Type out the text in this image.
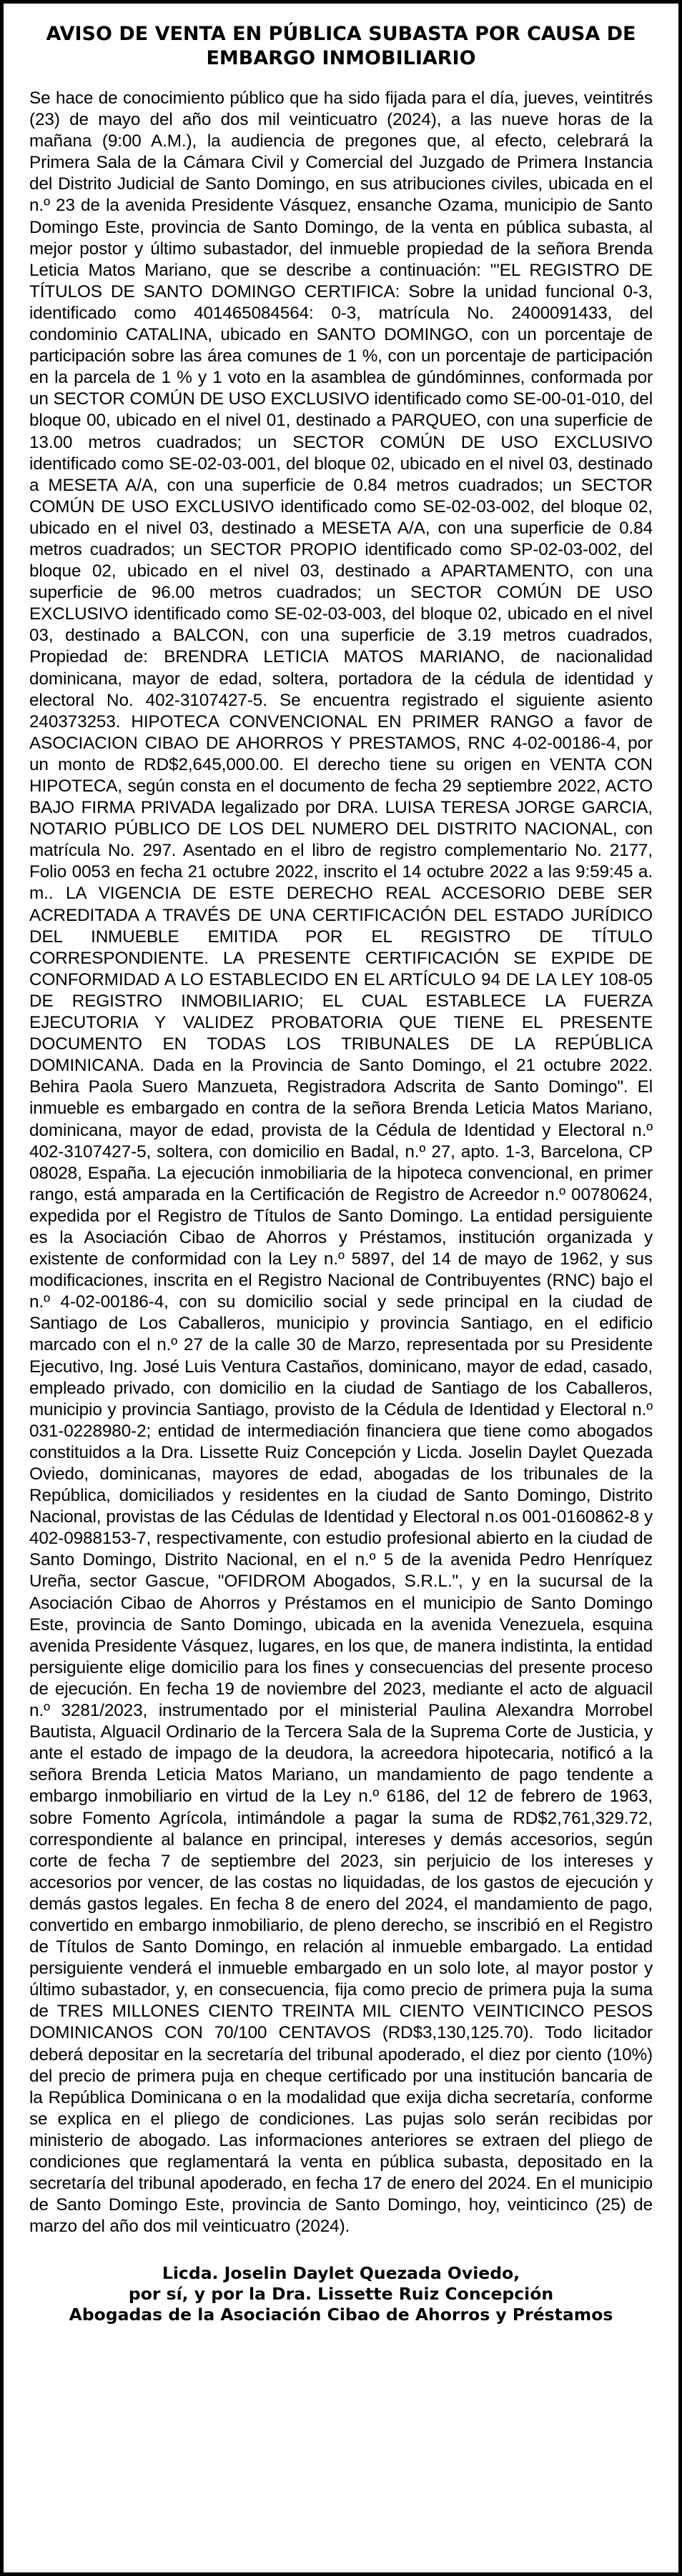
AVISO DE VENTA EN PÚBLICA SUBASTA POR CAUSA DE EMBARGO INMOBILIARIO

Se hace de conocimiento público que ha sido fijada para el día, jueves, veintitrés (23) de mayo del año dos mil veinticuatro (2024), a las nueve horas de la mañana (9:00 A.M.), la audiencia de pregones que, al efecto, celebrará la Primera Sala de la Cámara Civil y Comercial del Juzgado de Primera Instancia del Distrito Judicial de Santo Domingo, en sus atribuciones civiles, ubicada en el n.º 23 de la avenida Presidente Vásquez, ensanche Ozama, municipio de Santo Domingo Este, provincia de Santo Domingo, de la venta en pública subasta, al mejor postor y último subastador, del inmueble propiedad de la señora Brenda Leticia Matos Mariano, que se describe a continuación: "'EL REGISTRO DE TÍTULOS DE SANTO DOMINGO CERTIFICA: Sobre la unidad funcional 0-3, identificado como 401465084564: 0-3, matrícula No. 2400091433, del condominio CATALINA, ubicado en SANTO DOMINGO, con un porcentaje de participación sobre las área comunes de 1 %, con un porcentaje de participación en la parcela de 1 % y 1 voto en la asamblea de gúndóminnes, conformada por un SECTOR COMÚN DE USO EXCLUSIVO identificado como SE-00-01-010, del bloque 00, ubicado en el nivel 01, destinado a PARQUEO, con una superficie de 13.00 metros cuadrados; un SECTOR COMÚN DE USO EXCLUSIVO identificado como SE-02-03-001, del bloque 02, ubicado en el nivel 03, destinado a MESETA A/A, con una superficie de 0.84 metros cuadrados; un SECTOR COMÚN DE USO EXCLUSIVO identificado como SE-02-03-002, del bloque 02, ubicado en el nivel 03, destinado a MESETA A/A, con una superficie de 0.84 metros cuadrados; un SECTOR PROPIO identificado como SP-02-03-002, del bloque 02, ubicado en el nivel 03, destinado a APARTAMENTO, con una superficie de 96.00 metros cuadrados; un SECTOR COMÚN DE USO EXCLUSIVO identificado como SE-02-03-003, del bloque 02, ubicado en el nivel 03, destinado a BALCON, con una superficie de 3.19 metros cuadrados, Propiedad de: BRENDRA LETICIA MATOS MARIANO, de nacionalidad dominicana, mayor de edad, soltera, portadora de la cédula de identidad y electoral No. 402-3107427-5. Se encuentra registrado el siguiente asiento 240373253. HIPOTECA CONVENCIONAL EN PRIMER RANGO a favor de ASOCIACION CIBAO DE AHORROS Y PRESTAMOS, RNC 4-02-00186-4, por un monto de RD$2,645,000.00. El derecho tiene su origen en VENTA CON HIPOTECA, según consta en el documento de fecha 29 septiembre 2022, ACTO BAJO FIRMA PRIVADA legalizado por DRA. LUISA TERESA JORGE GARCIA, NOTARIO PÚBLICO DE LOS DEL NUMERO DEL DISTRITO NACIONAL, con matrícula No. 297. Asentado en el libro de registro complementario No. 2177, Folio 0053 en fecha 21 octubre 2022, inscrito el 14 octubre 2022 a las 9:59:45 a. m.. LA VIGENCIA DE ESTE DERECHO REAL ACCESORIO DEBE SER ACREDITADA A TRAVÉS DE UNA CERTIFICACIÓN DEL ESTADO JURÍDICO DEL INMUEBLE EMITIDA POR EL REGISTRO DE TÍTULO CORRESPONDIENTE. LA PRESENTE CERTIFICACIÓN SE EXPIDE DE CONFORMIDAD A LO ESTABLECIDO EN EL ARTÍCULO 94 DE LA LEY 108-05 DE REGISTRO INMOBILIARIO; EL CUAL ESTABLECE LA FUERZA EJECUTORIA Y VALIDEZ PROBATORIA QUE TIENE EL PRESENTE DOCUMENTO EN TODAS LOS TRIBUNALES DE LA REPÚBLICA DOMINICANA. Dada en la Provincia de Santo Domingo, el 21 octubre 2022. Behira Paola Suero Manzueta, Registradora Adscrita de Santo Domingo". El inmueble es embargado en contra de la señora Brenda Leticia Matos Mariano, dominicana, mayor de edad, provista de la Cédula de Identidad y Electoral n.º 402-3107427-5, soltera, con domicilio en Badal, n.º 27, apto. 1-3, Barcelona, CP 08028, España. La ejecución inmobiliaria de la hipoteca convencional, en primer rango, está amparada en la Certificación de Registro de Acreedor n.º 00780624, expedida por el Registro de Títulos de Santo Domingo. La entidad persiguiente es la Asociación Cibao de Ahorros y Préstamos, institución organizada y existente de conformidad con la Ley n.º 5897, del 14 de mayo de 1962, y sus modificaciones, inscrita en el Registro Nacional de Contribuyentes (RNC) bajo el n.º 4-02-00186-4, con su domicilio social y sede principal en la ciudad de Santiago de Los Caballeros, municipio y provincia Santiago, en el edificio marcado con el n.º 27 de la calle 30 de Marzo, representada por su Presidente Ejecutivo, Ing. José Luis Ventura Castaños, dominicano, mayor de edad, casado, empleado privado, con domicilio en la ciudad de Santiago de los Caballeros, municipio y provincia Santiago, provisto de la Cédula de Identidad y Electoral n.º 031-0228980-2; entidad de intermediación financiera que tiene como abogados constituidos a la Dra. Lissette Ruiz Concepción y Licda. Joselin Daylet Quezada Oviedo, dominicanas, mayores de edad, abogadas de los tribunales de la República, domiciliados y residentes en la ciudad de Santo Domingo, Distrito Nacional, provistas de las Cédulas de Identidad y Electoral n.os 001-0160862-8 y 402-0988153-7, respectivamente, con estudio profesional abierto en la ciudad de Santo Domingo, Distrito Nacional, en el n.º 5 de la avenida Pedro Henríquez Ureña, sector Gascue, "OFIDROM Abogados, S.R.L.", y en la sucursal de la Asociación Cibao de Ahorros y Préstamos en el municipio de Santo Domingo Este, provincia de Santo Domingo, ubicada en la avenida Venezuela, esquina avenida Presidente Vásquez, lugares, en los que, de manera indistinta, la entidad persiguiente elige domicilio para los fines y consecuencias del presente proceso de ejecución. En fecha 19 de noviembre del 2023, mediante el acto de alguacil n.º 3281/2023, instrumentado por el ministerial Paulina Alexandra Morrobel Bautista, Alguacil Ordinario de la Tercera Sala de la Suprema Corte de Justicia, y ante el estado de impago de la deudora, la acreedora hipotecaria, notificó a la señora Brenda Leticia Matos Mariano, un mandamiento de pago tendente a embargo inmobiliario en virtud de la Ley n.º 6186, del 12 de febrero de 1963, sobre Fomento Agrícola, intimándole a pagar la suma de RD$2,761,329.72, correspondiente al balance en principal, intereses y demás accesorios, según corte de fecha 7 de septiembre del 2023, sin perjuicio de los intereses y accesorios por vencer, de las costas no liquidadas, de los gastos de ejecución y demás gastos legales. En fecha 8 de enero del 2024, el mandamiento de pago, convertido en embargo inmobiliario, de pleno derecho, se inscribió en el Registro de Títulos de Santo Domingo, en relación al inmueble embargado. La entidad persiguiente venderá el inmueble embargado en un solo lote, al mayor postor y último subastador, y, en consecuencia, fija como precio de primera puja la suma de TRES MILLONES CIENTO TREINTA MIL CIENTO VEINTICINCO PESOS DOMINICANOS CON 70/100 CENTAVOS (RD$3,130,125.70). Todo licitador deberá depositar en la secretaría del tribunal apoderado, el diez por ciento (10%) del precio de primera puja en cheque certificado por una institución bancaria de la República Dominicana o en la modalidad que exija dicha secretaría, conforme se explica en el pliego de condiciones. Las pujas solo serán recibidas por ministerio de abogado. Las informaciones anteriores se extraen del pliego de condiciones que reglamentará la venta en pública subasta, depositado en la secretaría del tribunal apoderado, en fecha 17 de enero del 2024. En el municipio de Santo Domingo Este, provincia de Santo Domingo, hoy, veinticinco (25) de marzo del año dos mil veinticuatro (2024).

Licda. Joselin Daylet Quezada Oviedo,
por sí, y por la Dra. Lissette Ruiz Concepción
Abogadas de la Asociación Cibao de Ahorros y Préstamos
